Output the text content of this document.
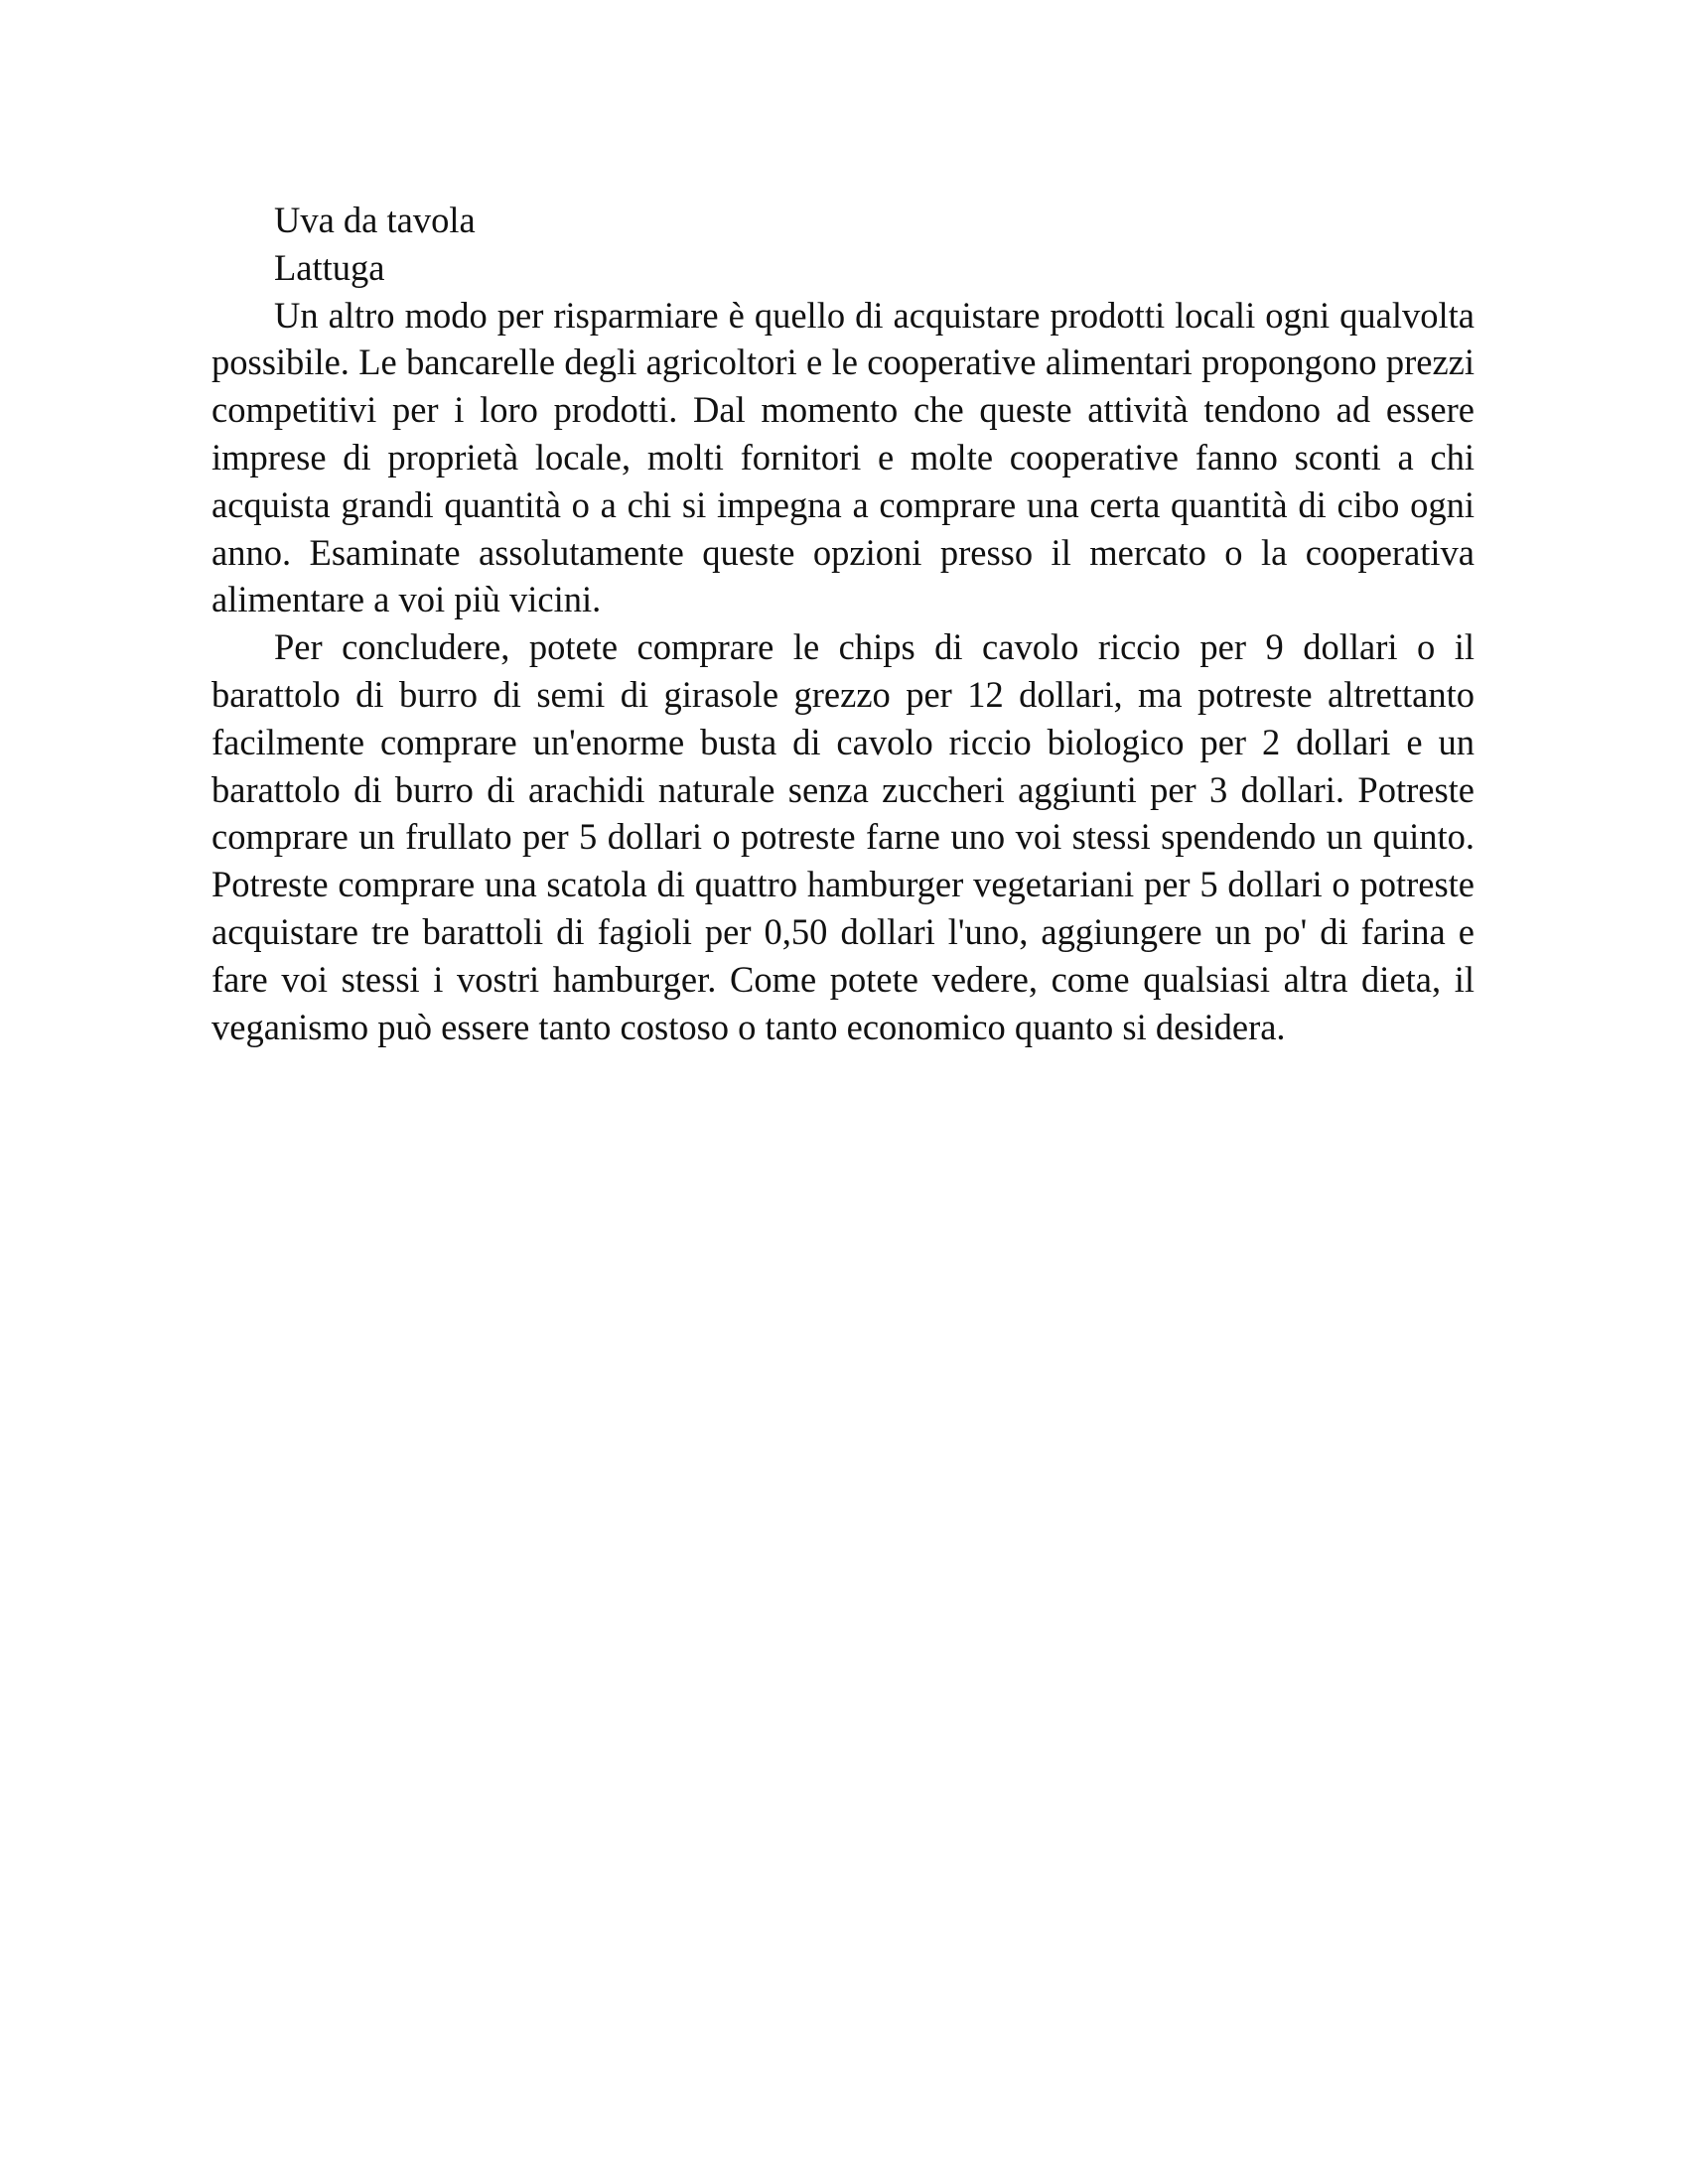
Uva da tavola

Lattuga

Un altro modo per risparmiare è quello di acquistare prodotti locali ogni qualvolta possibile. Le bancarelle degli agricoltori e le cooperative alimentari propongono prezzi competitivi per i loro prodotti. Dal momento che queste attività tendono ad essere imprese di proprietà locale, molti fornitori e molte cooperative fanno sconti a chi acquista grandi quantità o a chi si impegna a comprare una certa quantità di cibo ogni anno. Esaminate assolutamente queste opzioni presso il mercato o la cooperativa alimentare a voi più vicini.

Per concludere, potete comprare le chips di cavolo riccio per 9 dollari o il barattolo di burro di semi di girasole grezzo per 12 dollari, ma potreste altrettanto facilmente comprare un'enorme busta di cavolo riccio biologico per 2 dollari e un barattolo di burro di arachidi naturale senza zuccheri aggiunti per 3 dollari. Potreste comprare un frullato per 5 dollari o potreste farne uno voi stessi spendendo un quinto. Potreste comprare una scatola di quattro hamburger vegetariani per 5 dollari o potreste acquistare tre barattoli di fagioli per 0,50 dollari l'uno, aggiungere un po' di farina e fare voi stessi i vostri hamburger. Come potete vedere, come qualsiasi altra dieta, il veganismo può essere tanto costoso o tanto economico quanto si desidera.
